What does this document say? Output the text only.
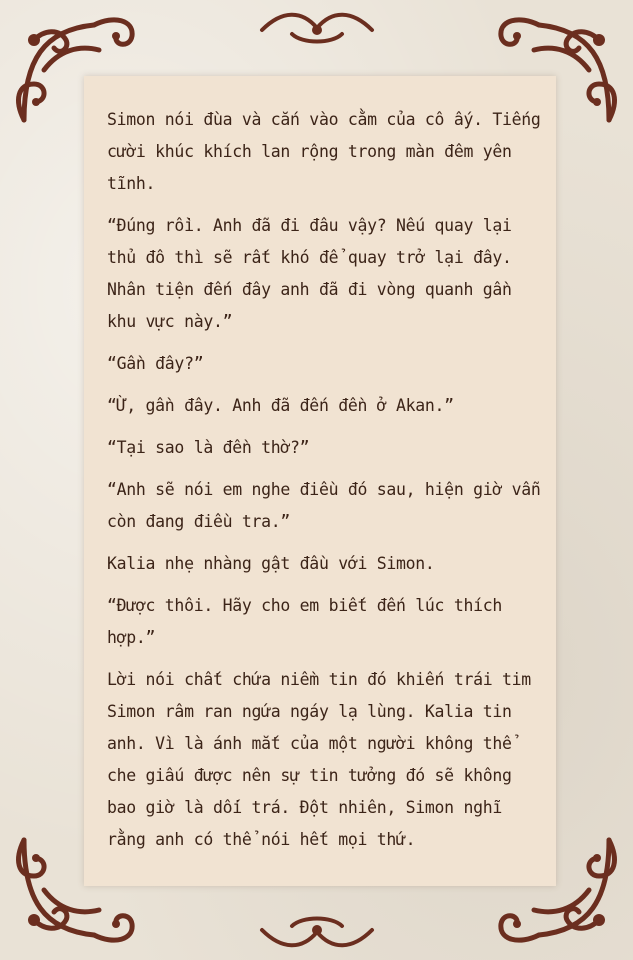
Simon nói đùa và cắn vào cằm của cô ấy. Tiếng cười khúc khích lan rộng trong màn đêm yên tĩnh.

“Đúng rồi. Anh đã đi đâu vậy? Nếu quay lại thủ đô thì sẽ rất khó để quay trở lại đây. Nhân tiện đến đây anh đã đi vòng quanh gần khu vực này.”

“Gần đây?”

“Ừ, gần đây. Anh đã đến đền ở Akan.”

“Tại sao là đền thờ?”

“Anh sẽ nói em nghe điều đó sau, hiện giờ vẫn còn đang điều tra.”

Kalia nhẹ nhàng gật đầu với Simon.

“Được thôi. Hãy cho em biết đến lúc thích hợp.”

Lời nói chất chứa niềm tin đó khiến trái tim Simon râm ran ngứa ngáy lạ lùng. Kalia tin anh. Vì là ánh mắt của một người không thể che giấu được nên sự tin tưởng đó sẽ không bao giờ là dối trá. Đột nhiên, Simon nghĩ rằng anh có thể nói hết mọi thứ.
